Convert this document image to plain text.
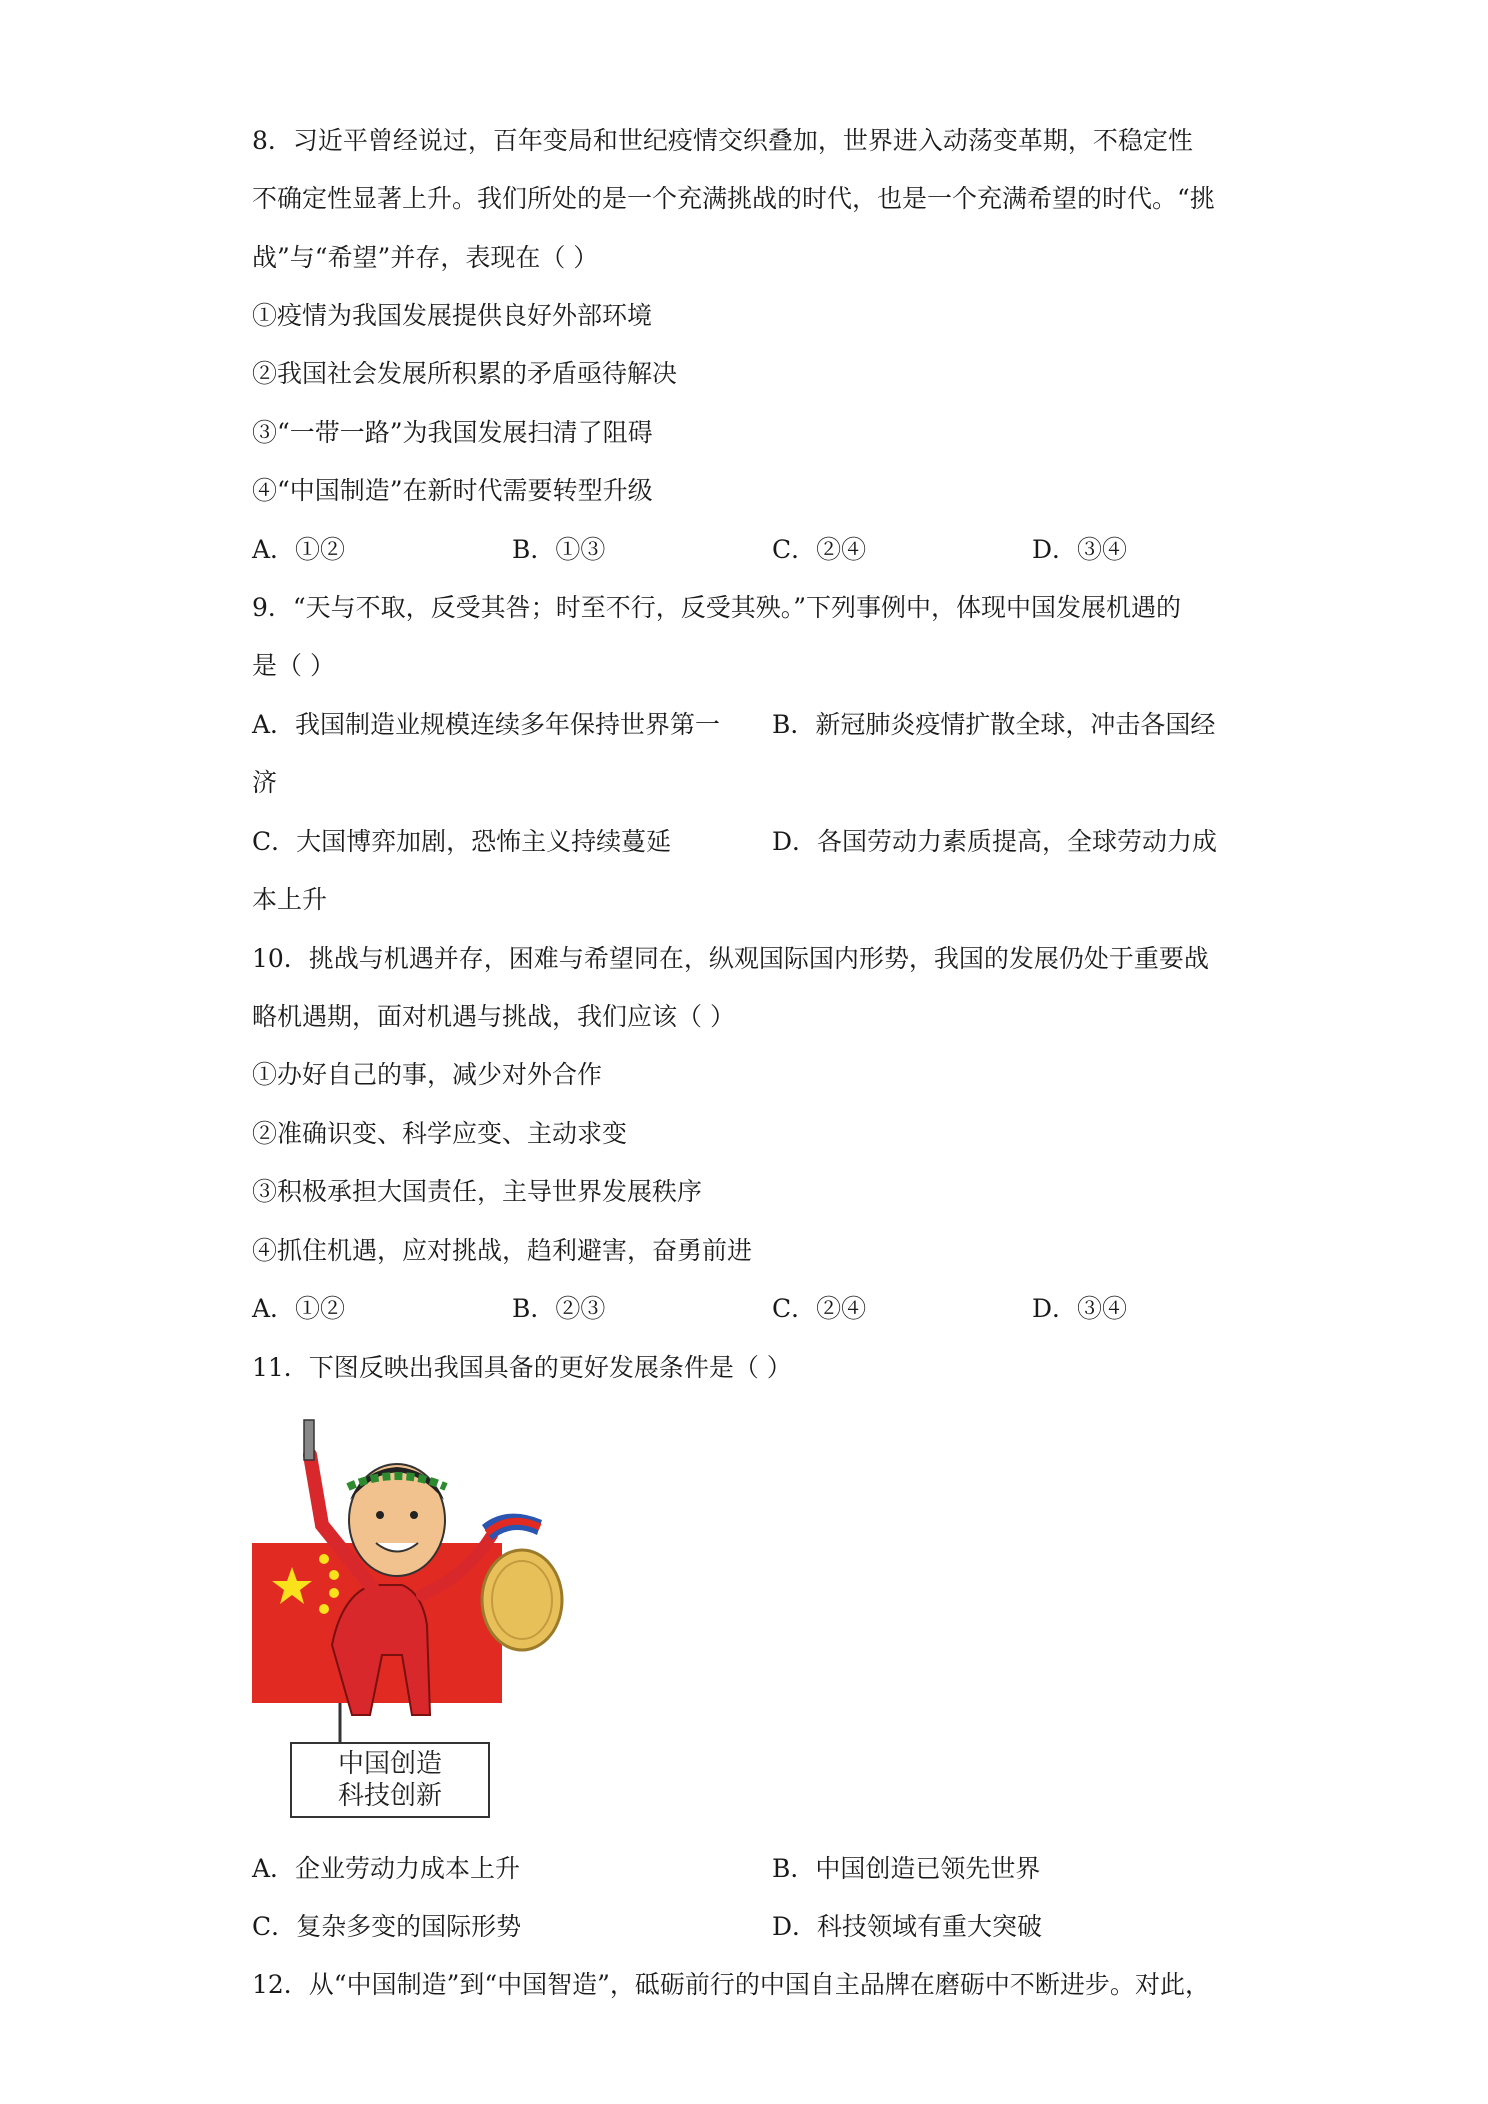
8．习近平曾经说过，百年变局和世纪疫情交织叠加，世界进入动荡变革期，不稳定性
不确定性显著上升。我们所处的是一个充满挑战的时代，也是一个充满希望的时代。“挑
战”与“希望”并存，表现在（ ）
①疫情为我国发展提供良好外部环境
②我国社会发展所积累的矛盾亟待解决
③“一带一路”为我国发展扫清了阻碍
④“中国制造”在新时代需要转型升级
A．①②	B．①③	C．②④	D．③④
9．“天与不取，反受其咎；时至不行，反受其殃。”下列事例中，体现中国发展机遇的
是（ ）
A．我国制造业规模连续多年保持世界第一 B．新冠肺炎疫情扩散全球，冲击各国经
济
C．大国博弈加剧，恐怖主义持续蔓延	D．各国劳动力素质提高，全球劳动力成
本上升
10．挑战与机遇并存，困难与希望同在，纵观国际国内形势，我国的发展仍处于重要战
略机遇期，面对机遇与挑战，我们应该（ ）
①办好自己的事，减少对外合作
②准确识变、科学应变、主动求变
③积极承担大国责任，主导世界发展秩序
④抓住机遇，应对挑战，趋利避害，奋勇前进
A．①②	B．②③	C．②④	D．③④
11．下图反映出我国具备的更好发展条件是（ ）
中国创造
科技创新
A．企业劳动力成本上升	B．中国创造已领先世界
C．复杂多变的国际形势	D．科技领域有重大突破
12．从“中国制造”到“中国智造”，砥砺前行的中国自主品牌在磨砺中不断进步。对此，
